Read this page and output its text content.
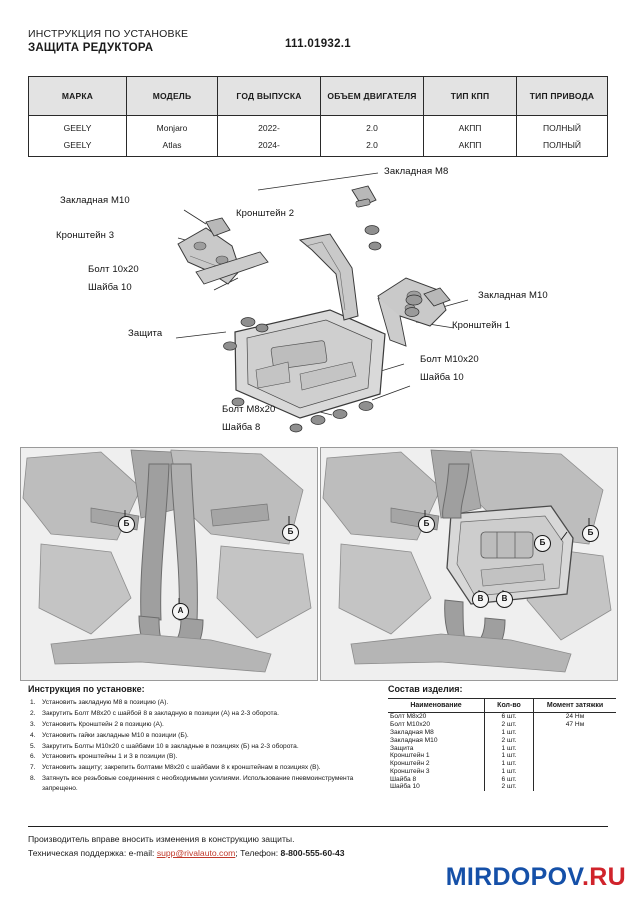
ИНСТРУКЦИЯ ПО УСТАНОВКЕ
ЗАЩИТА РЕДУКТОРА	111.01932.1
МАРКА	МОДЕЛЬ	ГОД ВЫПУСКА	ОБЪЕМ ДВИГАТЕЛЯ	ТИП КПП	ТИП ПРИВОДА
GEELY	Monjaro	2022-	2.0	АКПП	ПОЛНЫЙ
GEELY	Atlas	2024-	2.0	АКПП	ПОЛНЫЙ
Закладная M8
Закладная M10
Кронштейн 2
Кронштейн 3
Болт 10x20
Шайба 10
Защита
Закладная M10
Кронштейн 1
Болт M10x20
Шайба 10
Болт M8x20
Шайба 8
Б
Б
А
Б
Б
Б
В	В
Инструкция по установке:
Установить закладную М8 в позицию (А).
Закрутить Болт М8х20 с шайбой 8 в закладную в позиции (А) на 2-3 оборота.
Установить Кронштейн 2 в позицию (А).
Установить гайки закладные М10 в позиции (Б).
Закрутить Болты М10х20 с шайбами 10 в закладные в позициях (Б) на 2-3 оборота.
Установить кронштейны 1 и 3 в позиции (В).
Установить защиту; закрепить болтами М8х20 с шайбами 8 к кронштейнам в позициях (В).
Затянуть все резьбовые соединения с необходимыми усилиями. Использование пневмоинструмента запрещено.
Состав изделия:
Наименование	Кол-во	Момент затяжки
Болт M8x20	6 шт.	24 Нм
Болт M10x20	2 шт.	47 Нм
Закладная M8	1 шт.	
Закладная M10	2 шт.	
Защита	1 шт.	
Кронштейн 1	1 шт.	
Кронштейн 2	1 шт.	
Кронштейн 3	1 шт.	
Шайба 8	6 шт.	
Шайба 10	2 шт.	
Производитель вправе вносить изменения в конструкцию защиты.
Техническая поддержка: e-mail: supp@rivalauto.com; Телефон: 8-800-555-60-43
MIRDOPOV.RU
